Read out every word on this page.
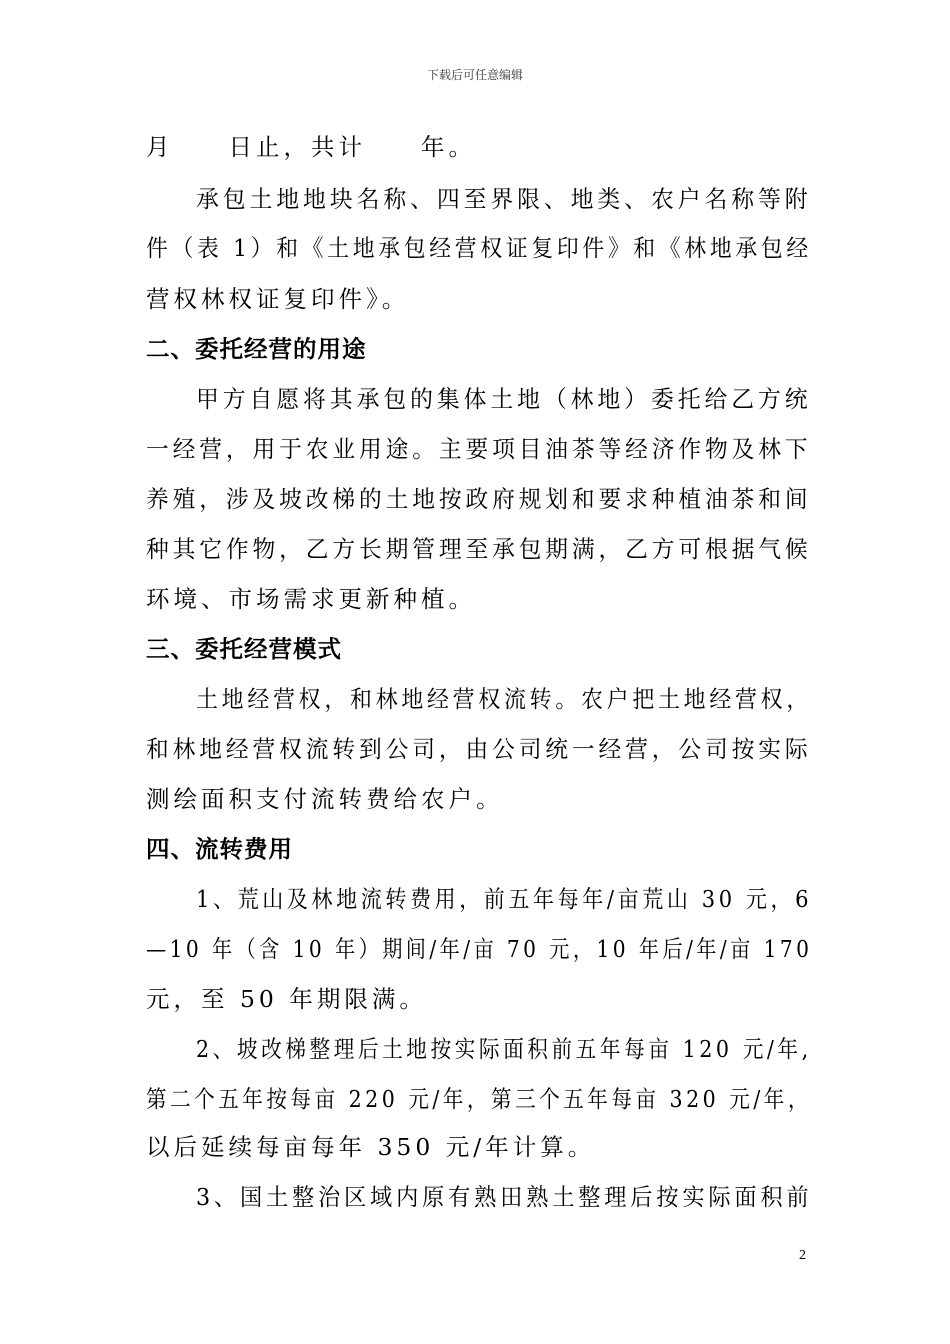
下载后可任意编辑
月　　日止，共计　　年。
承包土地地块名称、四至界限、地类、农户名称等附
件（表 1）和《土地承包经营权证复印件》和《林地承包经
营权林权证复印件》。
二、委托经营的用途
甲方自愿将其承包的集体土地（林地）委托给乙方统
一经营，用于农业用途。主要项目油茶等经济作物及林下
养殖，涉及坡改梯的土地按政府规划和要求种植油茶和间
种其它作物，乙方长期管理至承包期满，乙方可根据气候
环境、市场需求更新种植。
三、委托经营模式
土地经营权，和林地经营权流转。农户把土地经营权，
和林地经营权流转到公司，由公司统一经营，公司按实际
测绘面积支付流转费给农户。
四、流转费用
1、荒山及林地流转费用，前五年每年/亩荒山 30 元，6
—10 年（含 10 年）期间/年/亩 70 元，10 年后/年/亩 170
元，至 50 年期限满。
2、坡改梯整理后土地按实际面积前五年每亩 120 元/年,
第二个五年按每亩 220 元/年，第三个五年每亩 320 元/年，
以后延续每亩每年 350 元/年计算。
3、国土整治区域内原有熟田熟土整理后按实际面积前
2
